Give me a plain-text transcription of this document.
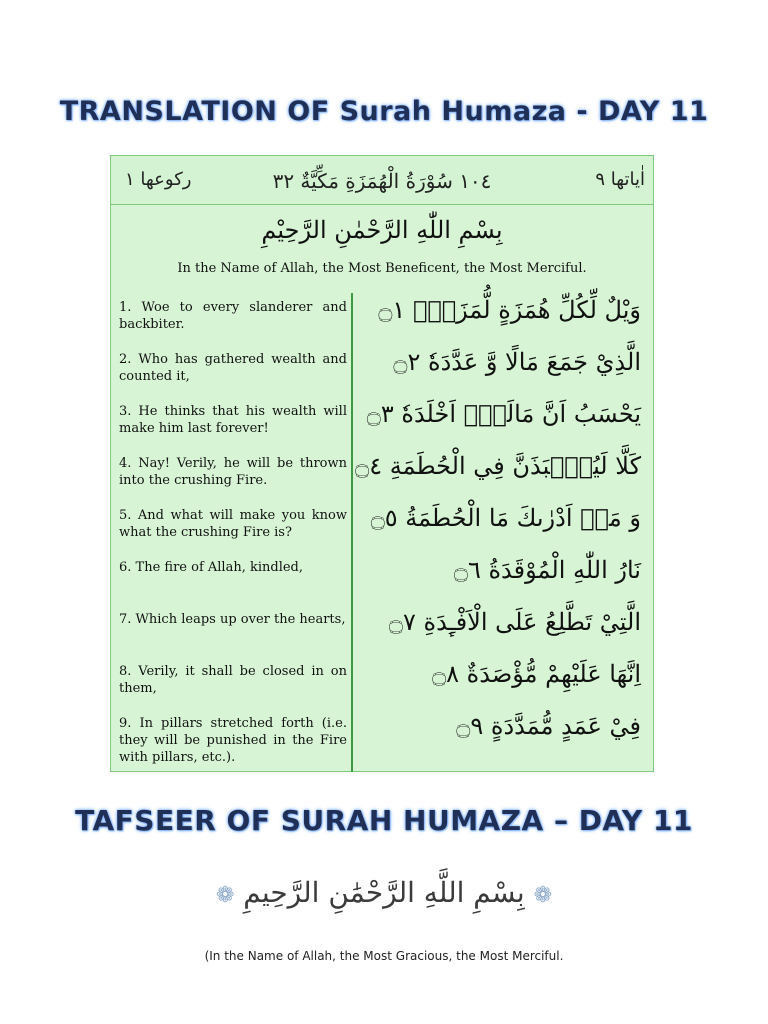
TRANSLATION OF Surah Humaza - DAY 11
اٰياتها ٩
١٠٤ سُوْرَةُ الْهُمَزَةِ مَكِّيَّةٌ ٣٢
ركوعها ١
بِسْمِ اللّٰهِ الرَّحْمٰنِ الرَّحِيْمِ
In the Name of Allah, the Most Beneficent, the Most Merciful.
1. Woe to every slanderer and backbiter.
وَيْلٌ لِّكُلِّ هُمَزَةٍ لُّمَزَةِۨ ۝١
2. Who has gathered wealth and counted it,
الَّذِيْ جَمَعَ مَالًا وَّ عَدَّدَهٗ ۝٢
3. He thinks that his wealth will make him last forever!
يَحْسَبُ اَنَّ مَالَهٗۤ اَخْلَدَهٗ ۝٣
4. Nay! Verily, he will be thrown into the crushing Fire.
كَلَّا لَيُنْۢبَذَنَّ فِي الْحُطَمَةِ ۝٤
5. And what will make you know what the crushing Fire is?
وَ مَاۤ اَدْرٰىكَ مَا الْحُطَمَةُ ۝٥
6. The fire of Allah, kindled,	نَارُ اللّٰهِ الْمُوْقَدَةُ ۝٦
7. Which leaps up over the hearts,	الَّتِيْ تَطَّلِعُ عَلَى الْاَفْـِٕدَةِ ۝٧
8. Verily, it shall be closed in on them,
اِنَّهَا عَلَيْهِمْ مُّؤْصَدَةٌ ۝٨
9. In pillars stretched forth (i.e. they will be punished in the Fire with pillars, etc.).
فِيْ عَمَدٍ مُّمَدَّدَةٍ ۝٩
TAFSEER OF SURAH HUMAZA – DAY 11
❁ بِسْمِ اللَّهِ الرَّحْمَٰنِ الرَّحِيمِ ❁
(In the Name of Allah, the Most Gracious, the Most Merciful.
